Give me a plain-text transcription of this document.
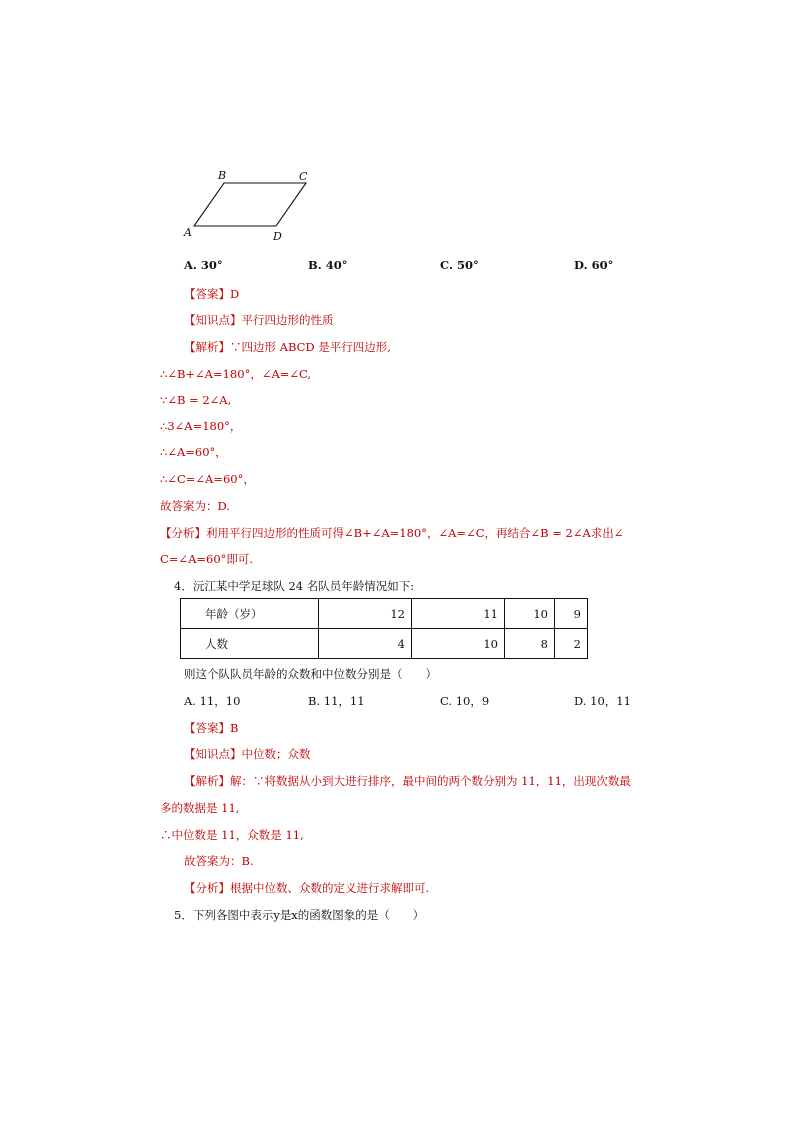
B	C
A	D
A. 30°	B. 40°	C. 50°	D. 60°
【答案】D
【知识点】平行四边形的性质
【解析】∵四边形 ABCD 是平行四边形,
∴∠B+∠A=180°，∠A=∠C,
∵∠B = 2∠A,
∴3∠A=180°，
∴∠A=60°，
∴∠C=∠A=60°，
故答案为：D.
【分析】利用平行四边形的性质可得∠B+∠A=180°，∠A=∠C，再结合∠B = 2∠A求出∠
C=∠A=60°即可.
4．沅江某中学足球队 24 名队员年龄情况如下:
年龄（岁）	12	11	10	9
人数	4	10	8	2
则这个队队员年龄的众数和中位数分别是（　　）
A. 11，10	B. 11，11	C. 10，9	D. 10，11
【答案】B
【知识点】中位数；众数
【解析】解：∵将数据从小到大进行排序，最中间的两个数分别为 11，11，出现次数最
多的数据是 11,
∴中位数是 11，众数是 11,
故答案为：B.
【分析】根据中位数、众数的定义进行求解即可.
5．下列各图中表示y是x的函数图象的是（　　）
